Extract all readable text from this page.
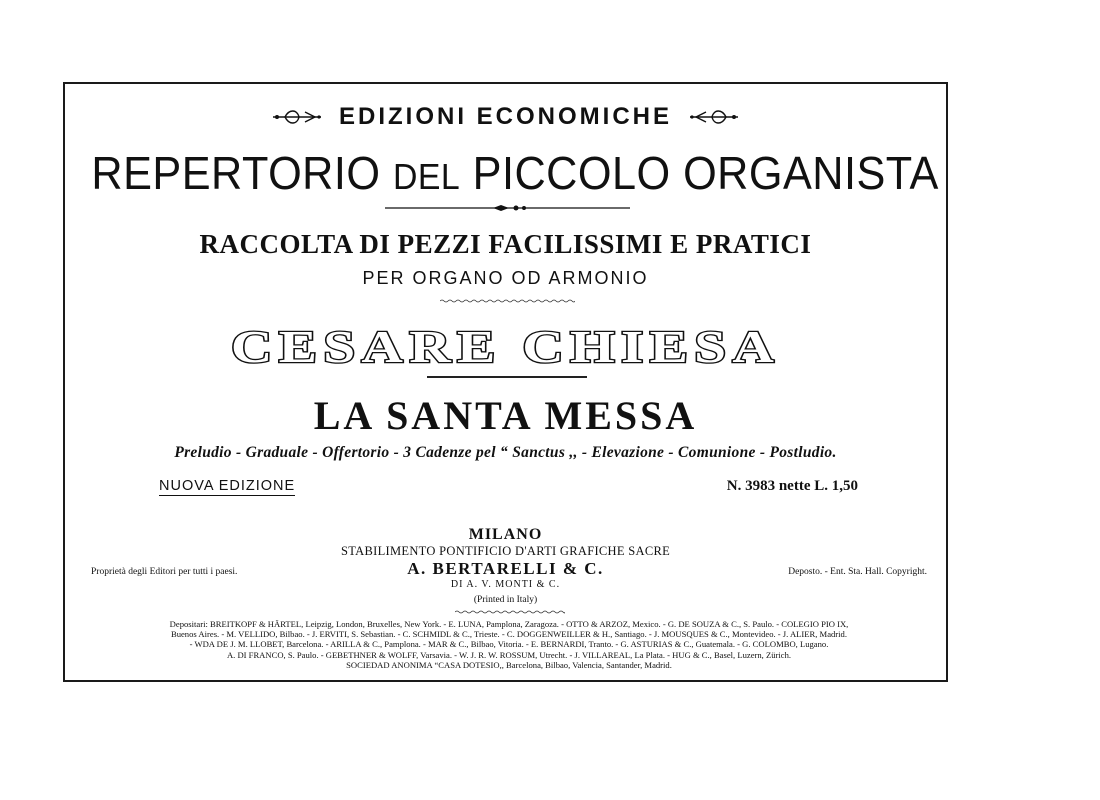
EDIZIONI ECONOMICHE
REPERTORIO DEL PICCOLO ORGANISTA
RACCOLTA DI PEZZI FACILISSIMI E PRATICI
PER ORGANO OD ARMONIO
CESARE CHIESA
LA SANTA MESSA
Preludio - Graduale - Offertorio - 3 Cadenze pel “ Sanctus ,, - Elevazione - Comunione - Postludio.
NUOVA EDIZIONE	N. 3983 nette L. 1,50
MILANO
STABILIMENTO PONTIFICIO D'ARTI GRAFICHE SACRE
A. BERTARELLI & C.
DI A. V. MONTI & C.
(Printed in Italy)
Proprietà degli Editori per tutti i paesi.	Deposto. - Ent. Sta. Hall. Copyright.
Depositari: BREITKOPF & HÄRTEL, Leipzig, London, Bruxelles, New York. - E. LUNA, Pamplona, Zaragoza. - OTTO & ARZOZ, Mexico. - G. DE SOUZA & C., S. Paulo. - COLEGIO PIO IX,
Buenos Aires. - M. VELLIDO, Bilbao. - J. ERVITI, S. Sebastian. - C. SCHMIDL & C., Trieste. - C. DOGGENWEILLER & H., Santiago. - J. MOUSQUES & C., Montevideo. - J. ALIER, Madrid.
- WDA DE J. M. LLOBET, Barcelona. - ARILLA & C., Pamplona. - MAR & C., Bilbao, Vitoria. - E. BERNARDI, Tranto. - G. ASTURIAS & C., Guatemala. - G. COLOMBO, Lugano.
A. DI FRANCO, S. Paulo. - GEBETHNER & WOLFF, Varsavia. - W. J. R. W. ROSSUM, Utrecht. - J. VILLAREAL, La Plata. - HUG & C., Basel, Luzern, Zürich.
SOCIEDAD ANONIMA “CASA DOTESIO,, Barcelona, Bilbao, Valencia, Santander, Madrid.
